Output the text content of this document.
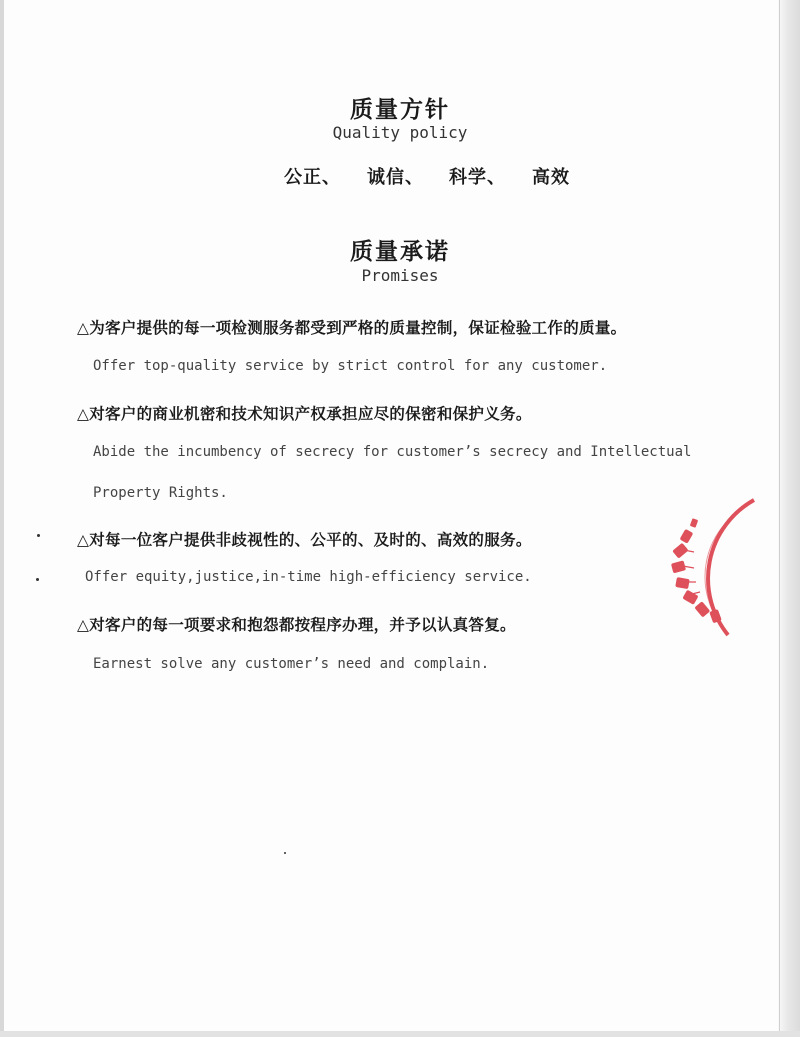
质量方针
Quality policy
公正、 诚信、 科学、 高效
质量承诺
Promises
△为客户提供的每一项检测服务都受到严格的质量控制，保证检验工作的质量。
Offer top-quality service by strict control for any customer.
△对客户的商业机密和技术知识产权承担应尽的保密和保护义务。
Abide the incumbency of secrecy for customer’s secrecy and Intellectual
Property Rights.
△对每一位客户提供非歧视性的、公平的、及时的、高效的服务。
Offer equity,justice,in-time high-efficiency service.
△对客户的每一项要求和抱怨都按程序办理，并予以认真答复。
Earnest solve any customer’s need and complain.
